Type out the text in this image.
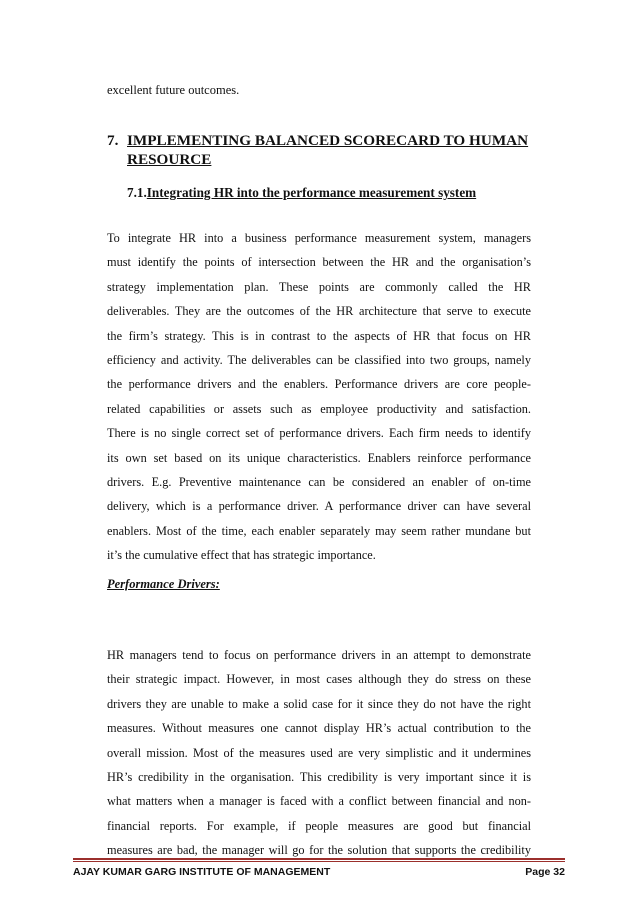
excellent future outcomes.
7. IMPLEMENTING BALANCED SCORECARD TO HUMAN
RESOURCE
7.1.Integrating HR into the performance measurement system
To integrate HR into a business performance measurement system, managers
must identify the points of intersection between the HR and the organisation’s
strategy implementation plan. These points are commonly called the HR
deliverables. They are the outcomes of the HR architecture that serve to execute
the firm’s strategy. This is in contrast to the aspects of HR that focus on HR
efficiency and activity. The deliverables can be classified into two groups, namely
the performance drivers and the enablers. Performance drivers are core people-
related capabilities or assets such as employee productivity and satisfaction.
There is no single correct set of performance drivers. Each firm needs to identify
its own set based on its unique characteristics. Enablers reinforce performance
drivers. E.g. Preventive maintenance can be considered an enabler of on-time
delivery, which is a performance driver. A performance driver can have several
enablers. Most of the time, each enabler separately may seem rather mundane but
it’s the cumulative effect that has strategic importance.
Performance Drivers:
HR managers tend to focus on performance drivers in an attempt to demonstrate
their strategic impact. However, in most cases although they do stress on these
drivers they are unable to make a solid case for it since they do not have the right
measures. Without measures one cannot display HR’s actual contribution to the
overall mission. Most of the measures used are very simplistic and it undermines
HR’s credibility in the organisation. This credibility is very important since it is
what matters when a manager is faced with a conflict between financial and non-
financial reports. For example, if people measures are good but financial
measures are bad, the manager will go for the solution that supports the credibility
AJAY KUMAR GARG INSTITUTE OF MANAGEMENT	Page 32
